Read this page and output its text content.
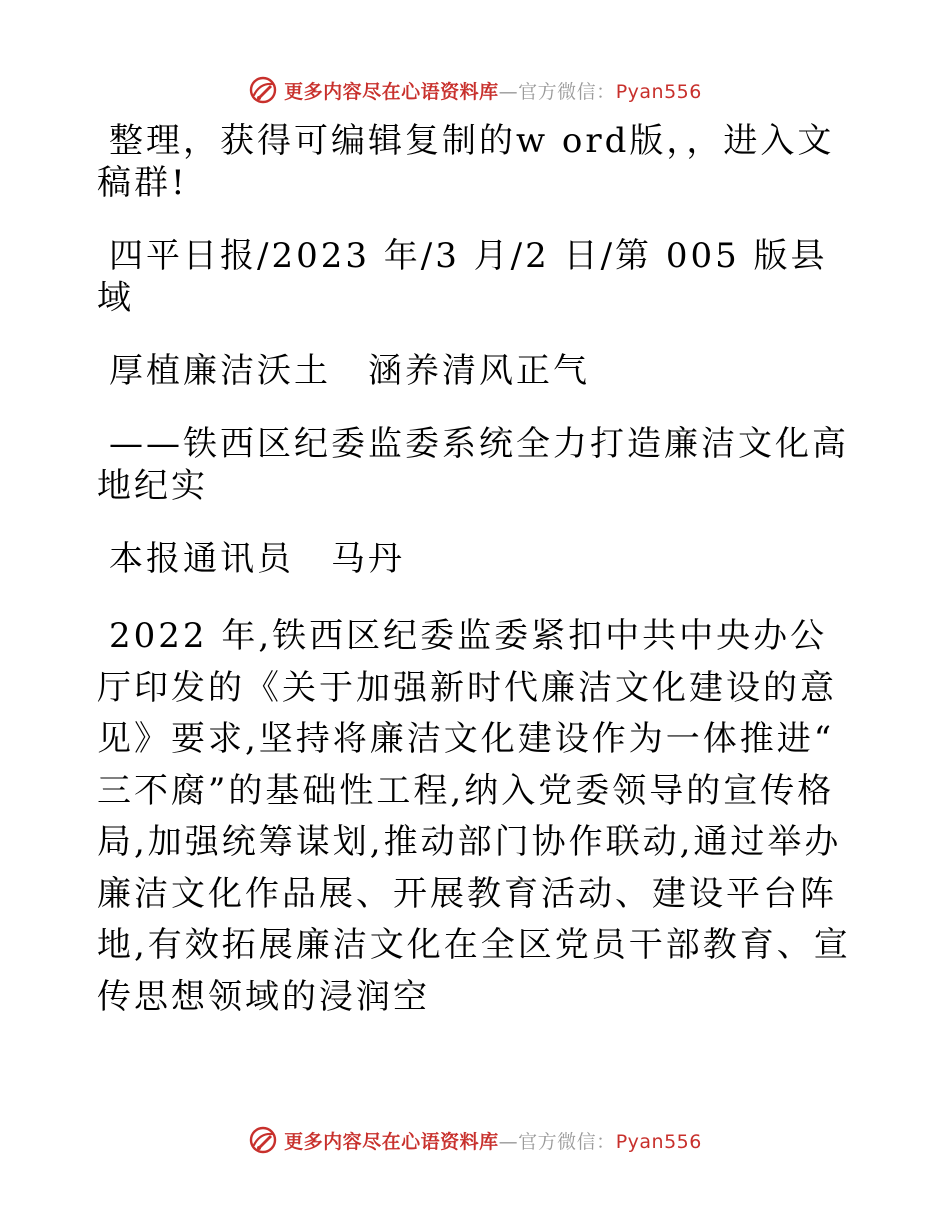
更多内容尽在心语资料库—官方微信：Pyan556

整理，获得可编辑复制的w ord版，，进入文稿群!

四平日报/2023 年/3 月/2 日/第 005 版县域

厚植廉洁沃土　涵养清风正气

——铁西区纪委监委系统全力打造廉洁文化高地纪实

本报通讯员　马丹

2022 年,铁西区纪委监委紧扣中共中央办公厅印发的《关于加强新时代廉洁文化建设的意见》要求,坚持将廉洁文化建设作为一体推进“ 三不腐”的基础性工程,纳入党委领导的宣传格局,加强统筹谋划,推动部门协作联动,通过举办廉洁文化作品展、开展教育活动、建设平台阵地,有效拓展廉洁文化在全区党员干部教育、宣传思想领域的浸润空

更多内容尽在心语资料库—官方微信：Pyan556
